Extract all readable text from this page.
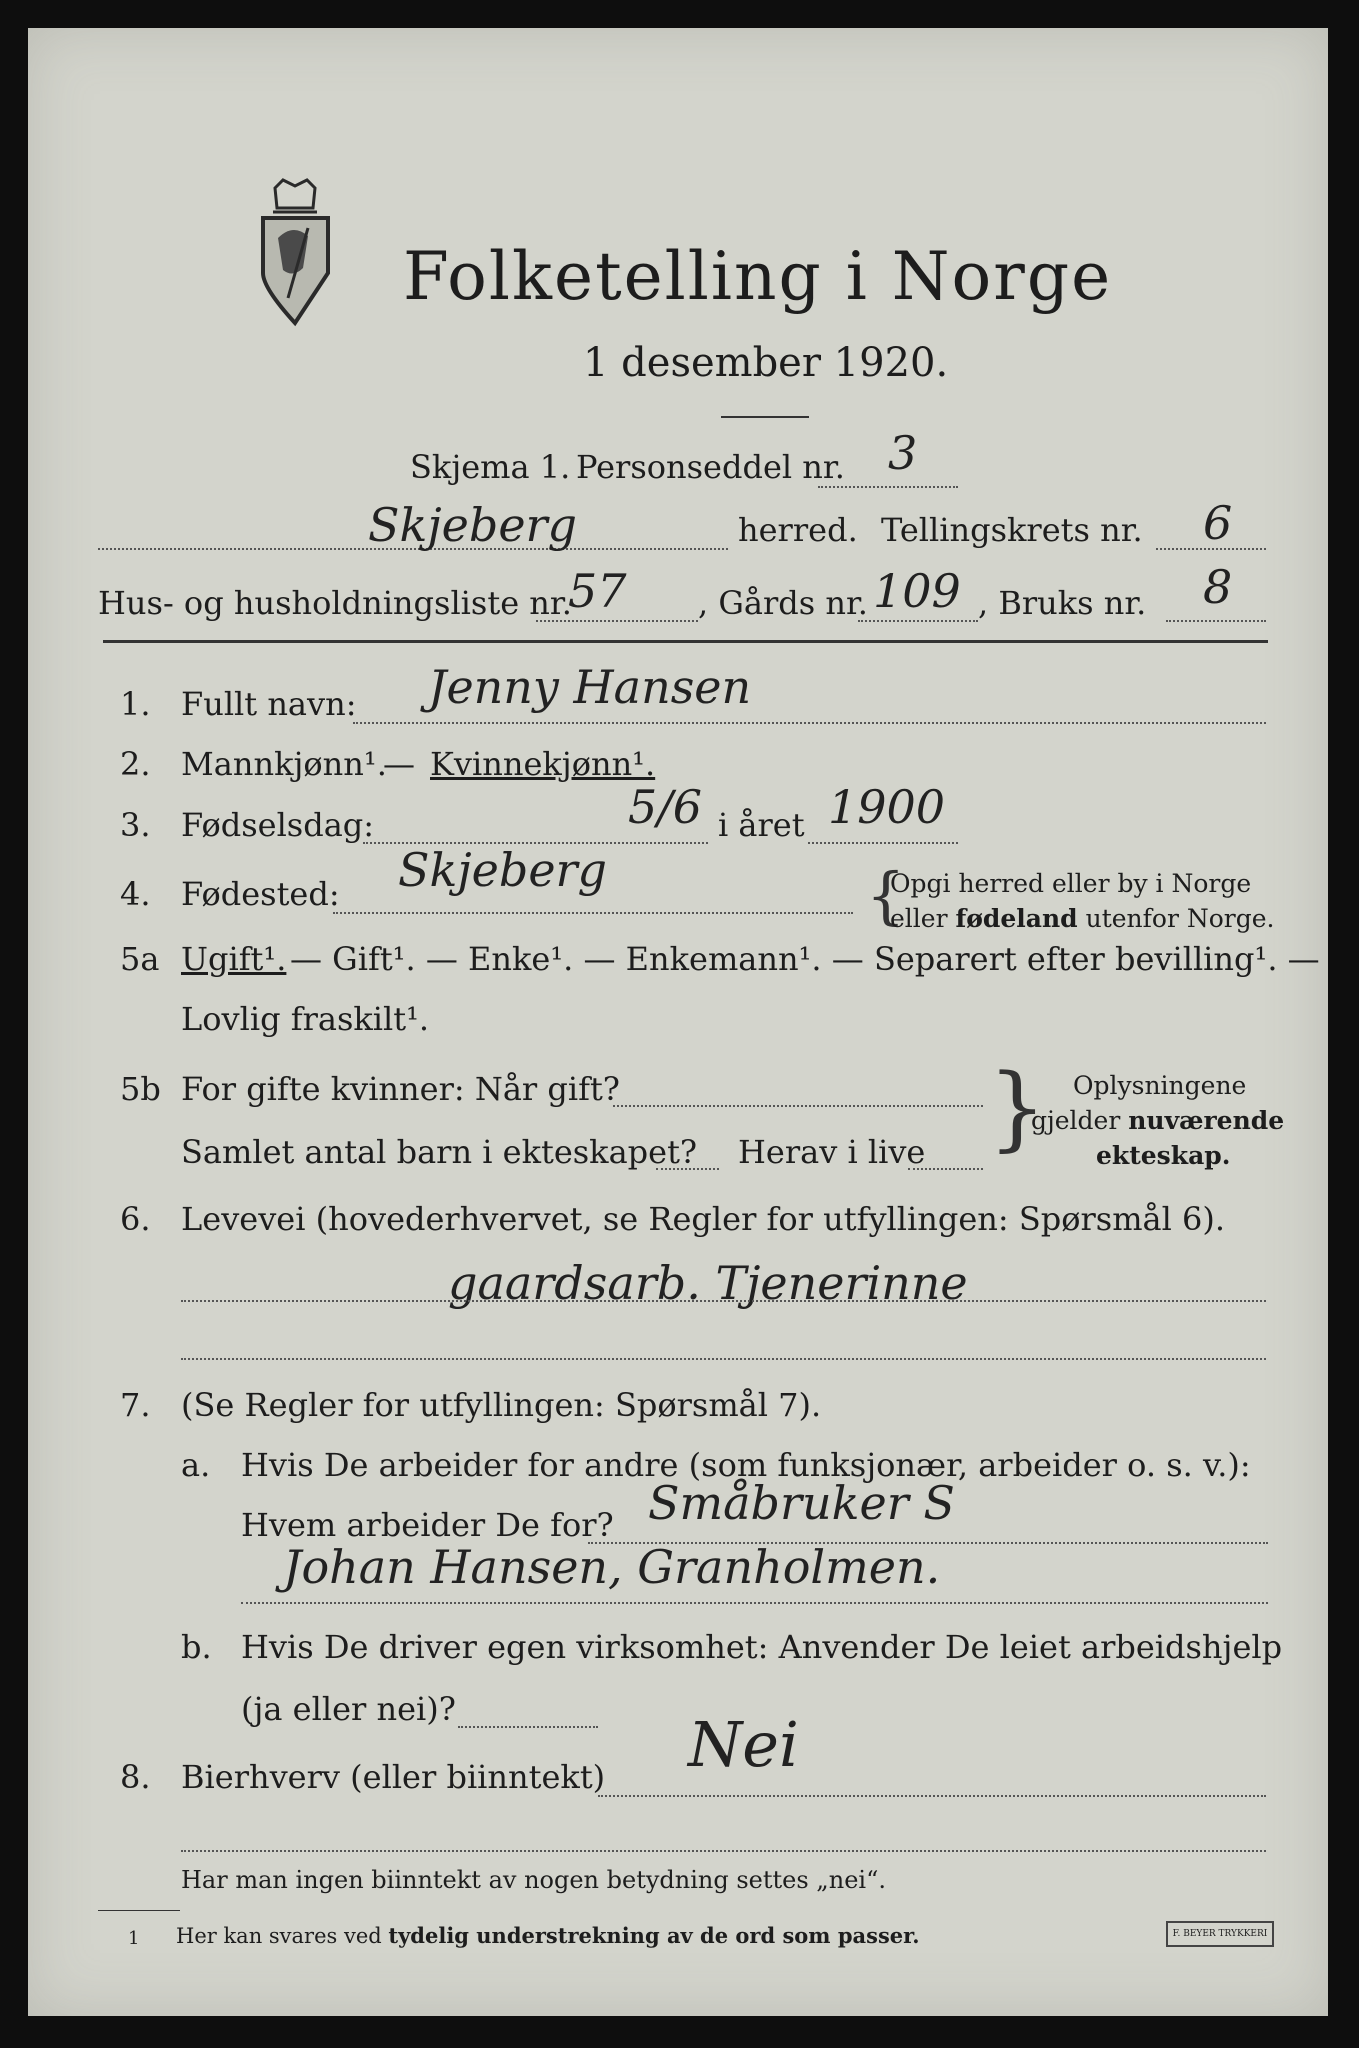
Folketelling i Norge
1 desember 1920.
Skjema 1. Personseddel nr. 3
Skjeberg	herred. Tellingskrets nr. 6
Hus- og husholdningsliste nr.
57 , Gårds nr. 109 , Bruks nr. 8
1. Fullt navn: Jenny Hansen
2. Mannkjønn¹.
— Kvinnekjønn¹.
3. Fødselsdag:	5/6 i året 1900
4. Fødested: Skjeberg	{
Opgi herred eller by i Norge
eller fødeland utenfor Norge.
5a Ugift¹. — Gift¹. — Enke¹. — Enkemann¹. — Separert efter bevilling¹. —
Lovlig fraskilt¹.
5b For gifte kvinner: Når gift?
Samlet antal barn i ekteskapet? Herav i live } Oplysningene
gjelder nuværende
ekteskap.
6. Levevei (hovederhvervet, se Regler for utfyllingen: Spørsmål 6).
gaardsarb. Tjenerinne
7. (Se Regler for utfyllingen: Spørsmål 7).
a. Hvis De arbeider for andre (som funksjonær, arbeider o. s. v.):
Hvem arbeider De for? Småbruker S
Johan Hansen, Granholmen.
b. Hvis De driver egen virksomhet: Anvender De leiet arbeidshjelp
(ja eller nei)?
8. Bierhverv (eller biinntekt) Nei
Har man ingen biinntekt av nogen betydning settes „nei“.
1 Her kan svares ved tydelig understrekning av de ord som passer.	F. BEYER TRYKKERI
